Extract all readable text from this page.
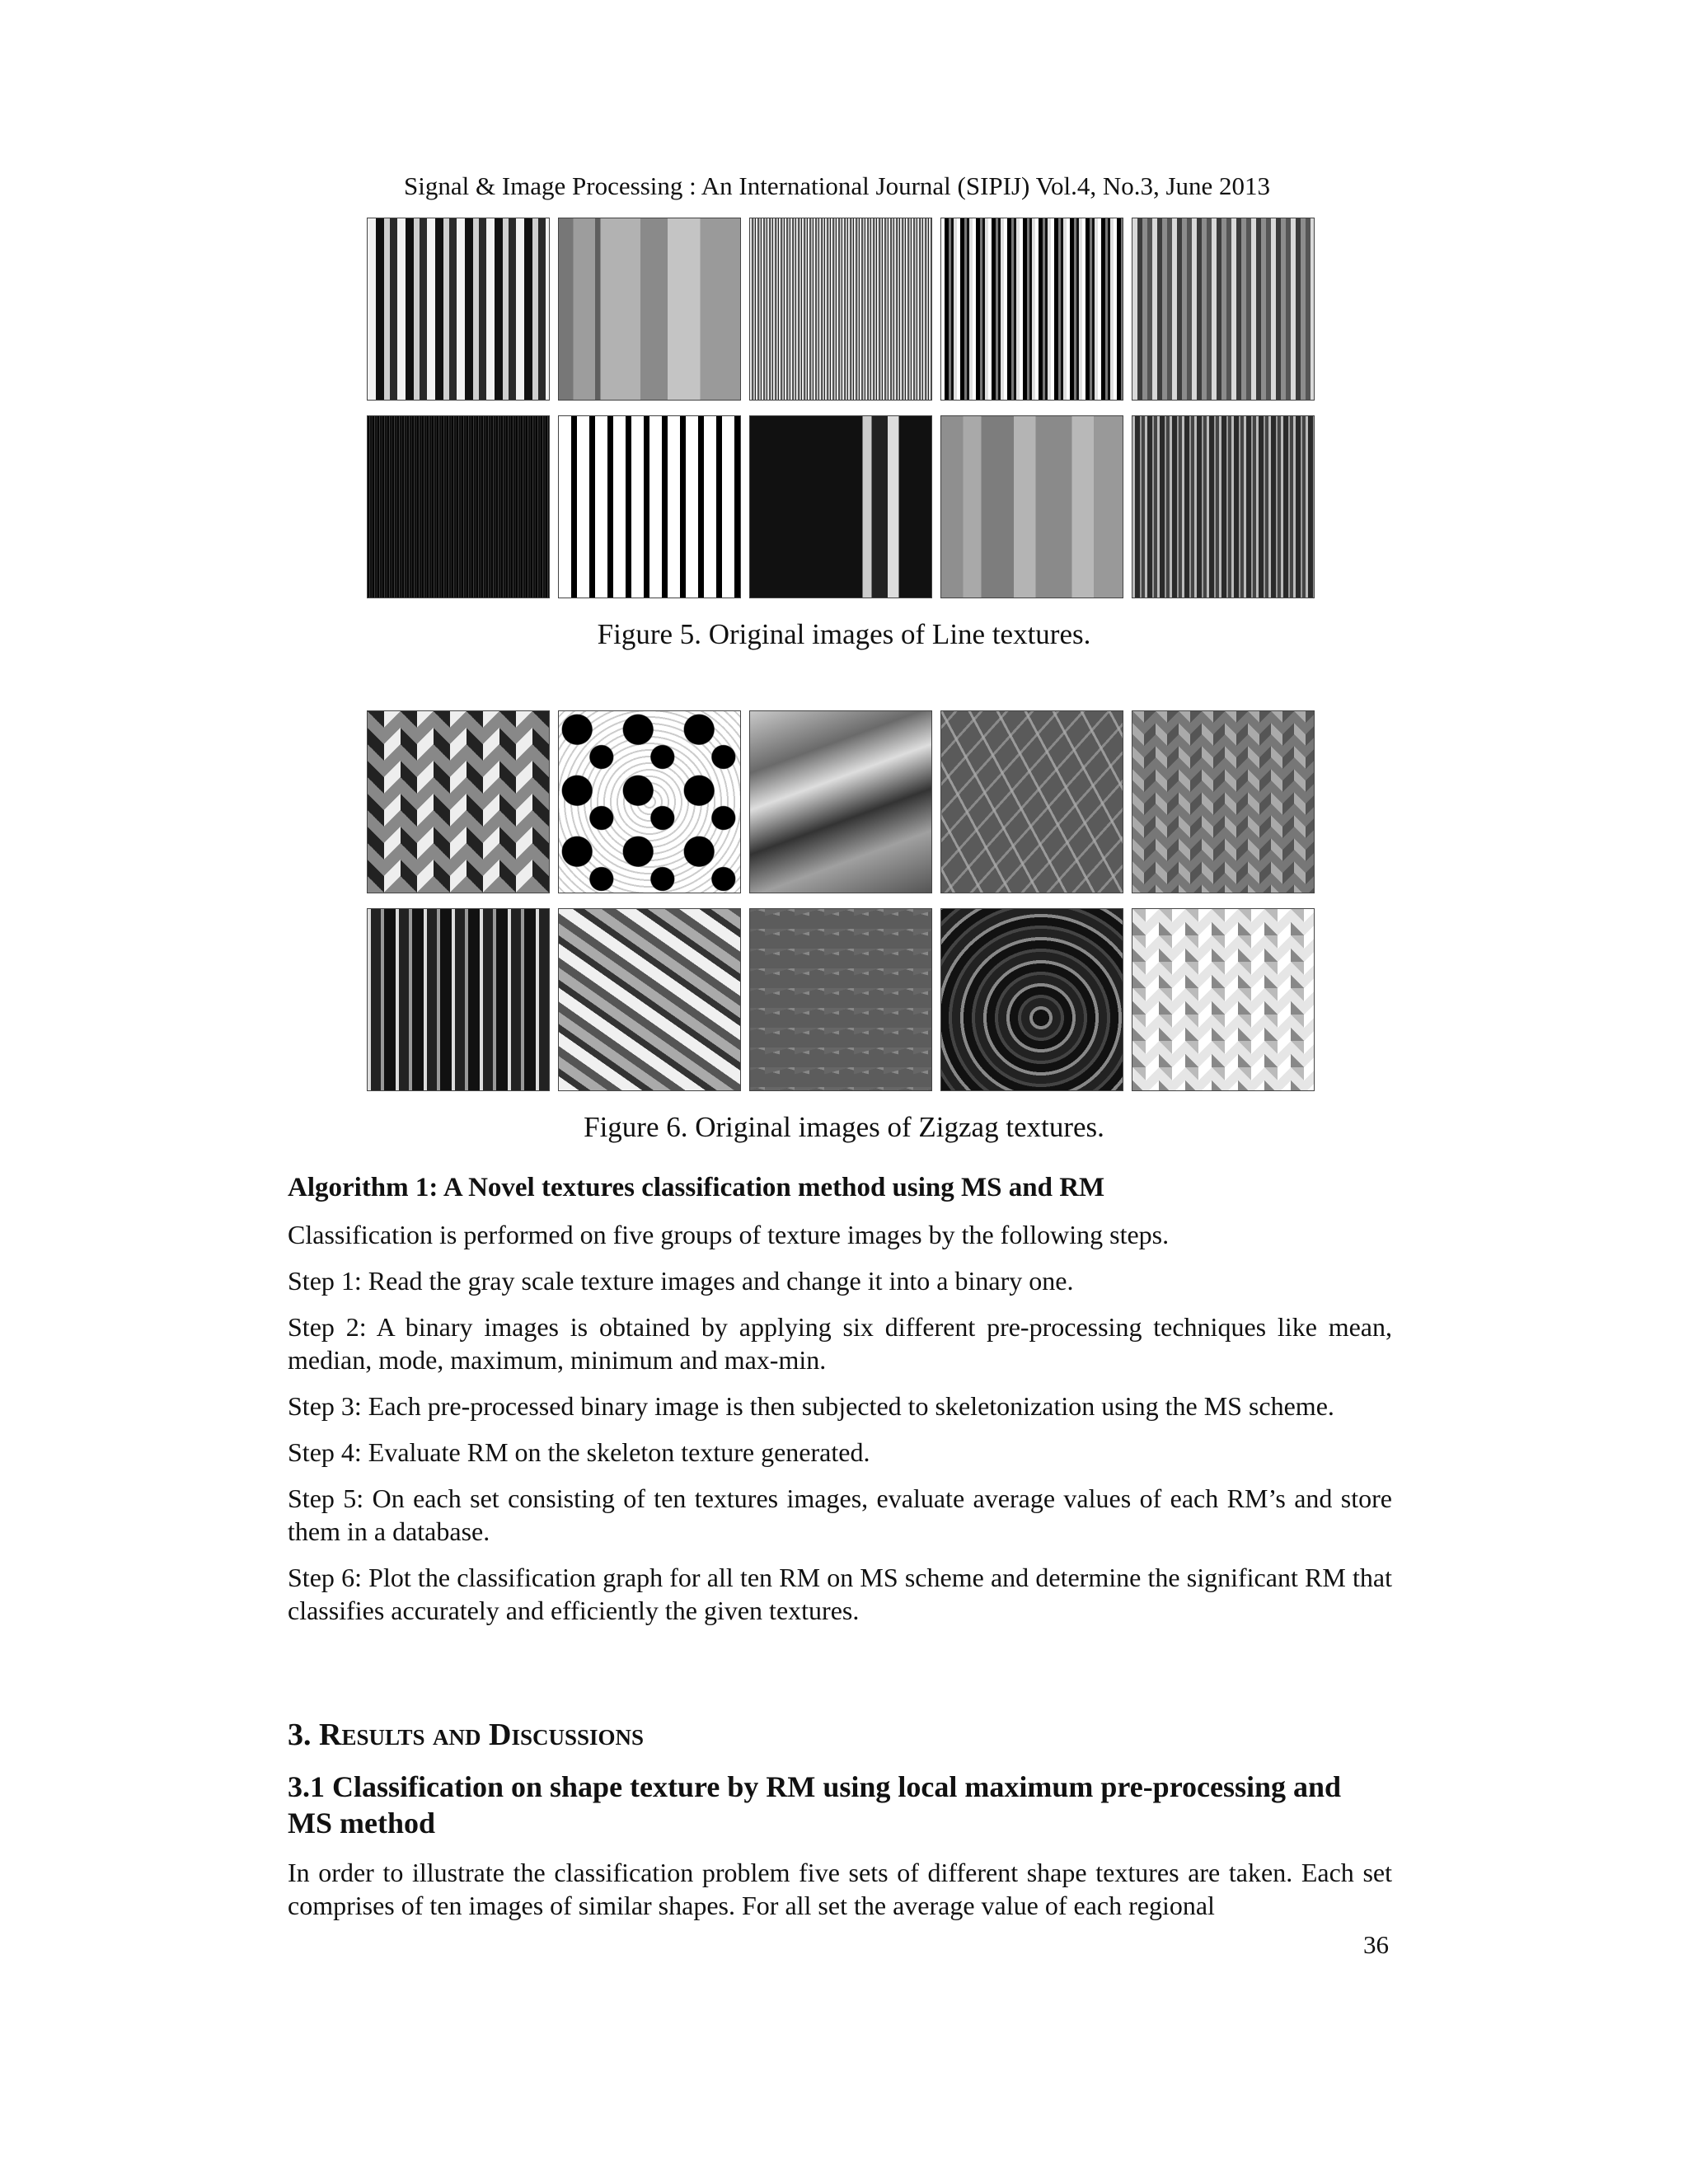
Signal & Image Processing : An International Journal (SIPIJ) Vol.4, No.3, June 2013
Figure 5. Original images of Line textures.
Figure 6. Original images of Zigzag textures.
Algorithm 1: A Novel textures classification method using MS and RM

Classification is performed on five groups of texture images by the following steps.

Step 1: Read the gray scale texture images and change it into a binary one.

Step 2: A binary images is obtained by applying six different pre-processing techniques like mean, median, mode, maximum, minimum and max-min.

Step 3: Each pre-processed binary image is then subjected to skeletonization using the MS scheme.

Step 4: Evaluate RM on the skeleton texture generated.

Step 5: On each set consisting of ten textures images, evaluate average values of each RM’s and store them in a database.

Step 6: Plot the classification graph for all ten RM on MS scheme and determine the significant RM that classifies accurately and efficiently the given textures.

3. Results and Discussions
3.1 Classification on shape texture by RM using local maximum pre-processing and MS method

In order to illustrate the classification problem five sets of different shape textures are taken. Each set comprises of ten images of similar shapes. For all set the average value of each regional

36
